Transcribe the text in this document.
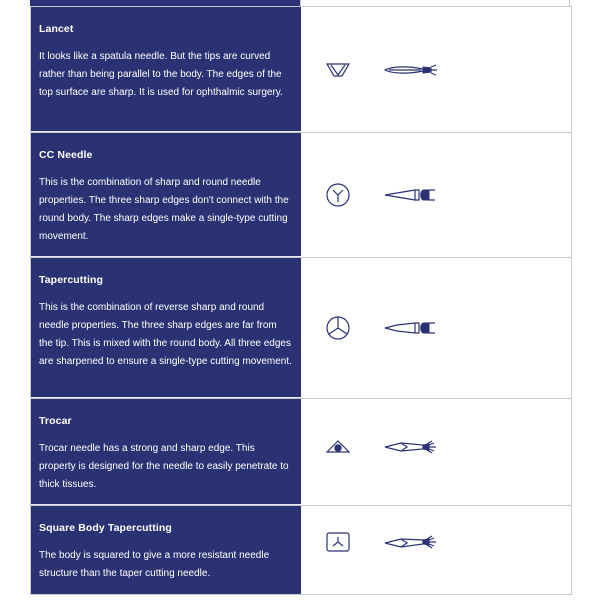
Lancet

It looks like a spatula needle. But the tips are curved rather than being parallel to the body. The edges of the top surface are sharp. It is used for ophthalmic surgery.

CC Needle

This is the combination of sharp and round needle properties. The three sharp edges don't connect with the round body. The sharp edges make a single-type cutting movement.

Tapercutting

This is the combination of reverse sharp and round needle properties. The three sharp edges are far from the tip. This is mixed with the round body. All three edges are sharpened to ensure a single-type cutting movement.

Trocar

Trocar needle has a strong and sharp edge. This property is designed for the needle to easily penetrate to thick tissues.

Square Body Tapercutting

The body is squared to give a more resistant needle structure than the taper cutting needle.
